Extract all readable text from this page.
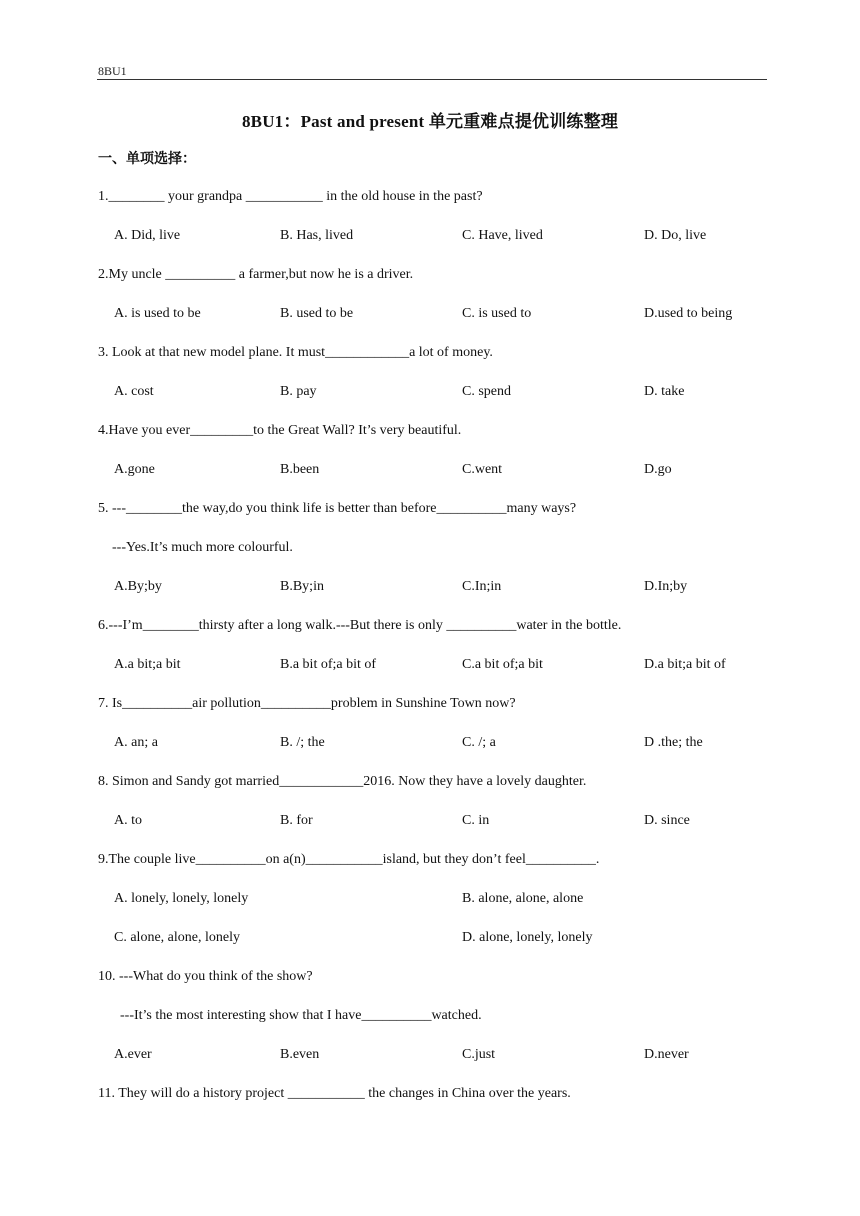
8BU1
8BU1：Past and present 单元重难点提优训练整理
一、单项选择：
1.________ your grandpa ___________ in the old house in the past?
A. Did, live	B. Has, lived	C. Have, lived	D. Do, live
2.My uncle __________ a farmer,but now he is a driver.
A. is used to be	B. used to be	C. is used to	D.used to being
3. Look at that new model plane. It must____________a lot of money.
A. cost	B. pay	C. spend	D. take
4.Have you ever_________to the Great Wall? It’s very beautiful.
A.gone	B.been	C.went	D.go
5. ---________the way,do you think life is better than before__________many ways?
---Yes.It’s much more colourful.
A.By;by	B.By;in	C.In;in	D.In;by
6.---I’m________thirsty after a long walk.---But there is only __________water in the bottle.
A.a bit;a bit	B.a bit of;a bit of	C.a bit of;a bit	D.a bit;a bit of
7. Is__________air pollution__________problem in Sunshine Town now?
A. an; a	B. /; the	C. /; a	D .the; the
8. Simon and Sandy got married____________2016. Now they have a lovely daughter.
A. to	B. for	C. in	D. since
9.The couple live__________on a(n)___________island, but they don’t feel__________.
A. lonely, lonely, lonely	B. alone, alone, alone
C. alone, alone, lonely	D. alone, lonely, lonely
10. ---What do you think of the show?
---It’s the most interesting show that I have__________watched.
A.ever	B.even	C.just	D.never
11. They will do a history project ___________ the changes in China over the years.
